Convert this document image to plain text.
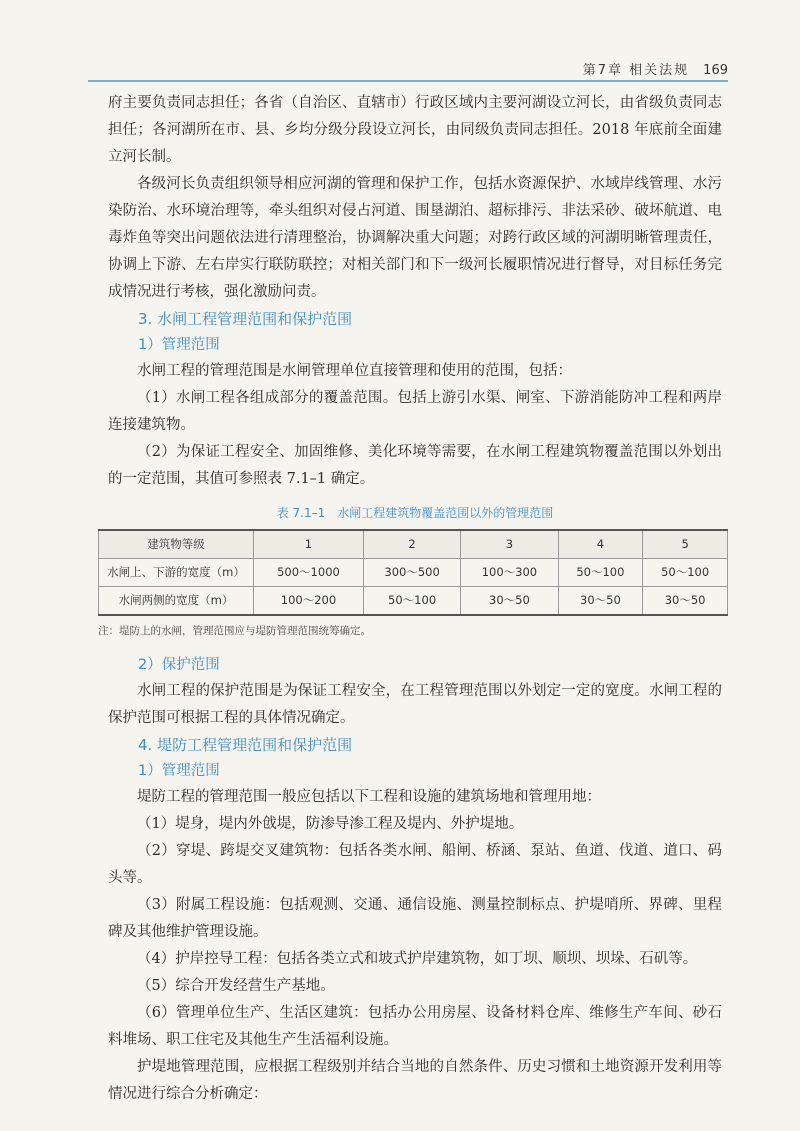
第7章 相关法规 169

府主要负责同志担任；各省（自治区、直辖市）行政区域内主要河湖设立河长，由省级负责同志担任；各河湖所在市、县、乡均分级分段设立河长，由同级负责同志担任。2018 年底前全面建立河长制。

各级河长负责组织领导相应河湖的管理和保护工作，包括水资源保护、水域岸线管理、水污染防治、水环境治理等，牵头组织对侵占河道、围垦湖泊、超标排污、非法采砂、破坏航道、电毒炸鱼等突出问题依法进行清理整治，协调解决重大问题；对跨行政区域的河湖明晰管理责任，协调上下游、左右岸实行联防联控；对相关部门和下一级河长履职情况进行督导，对目标任务完成情况进行考核，强化激励问责。

3. 水闸工程管理范围和保护范围

1）管理范围

水闸工程的管理范围是水闸管理单位直接管理和使用的范围，包括：

（1）水闸工程各组成部分的覆盖范围。包括上游引水渠、闸室、下游消能防冲工程和两岸连接建筑物。

（2）为保证工程安全、加固维修、美化环境等需要，在水闸工程建筑物覆盖范围以外划出的一定范围，其值可参照表 7.1–1 确定。

表 7.1–1　水闸工程建筑物覆盖范围以外的管理范围
建筑物等级	1	2	3	4	5
水闸上、下游的宽度（m）	500～1000	300～500	100～300	50～100	50～100
水闸两侧的宽度（m）	100～200	50～100	30～50	30～50	30～50
注：堤防上的水闸，管理范围应与堤防管理范围统筹确定。

2）保护范围

水闸工程的保护范围是为保证工程安全，在工程管理范围以外划定一定的宽度。水闸工程的保护范围可根据工程的具体情况确定。

4. 堤防工程管理范围和保护范围

1）管理范围

堤防工程的管理范围一般应包括以下工程和设施的建筑场地和管理用地：

（1）堤身，堤内外戗堤，防渗导渗工程及堤内、外护堤地。

（2）穿堤、跨堤交叉建筑物：包括各类水闸、船闸、桥涵、泵站、鱼道、伐道、道口、码头等。

（3）附属工程设施：包括观测、交通、通信设施、测量控制标点、护堤哨所、界碑、里程碑及其他维护管理设施。

（4）护岸控导工程：包括各类立式和坡式护岸建筑物，如丁坝、顺坝、坝垛、石矶等。

（5）综合开发经营生产基地。

（6）管理单位生产、生活区建筑：包括办公用房屋、设备材料仓库、维修生产车间、砂石料堆场、职工住宅及其他生产生活福利设施。

护堤地管理范围，应根据工程级别并结合当地的自然条件、历史习惯和土地资源开发利用等情况进行综合分析确定：
